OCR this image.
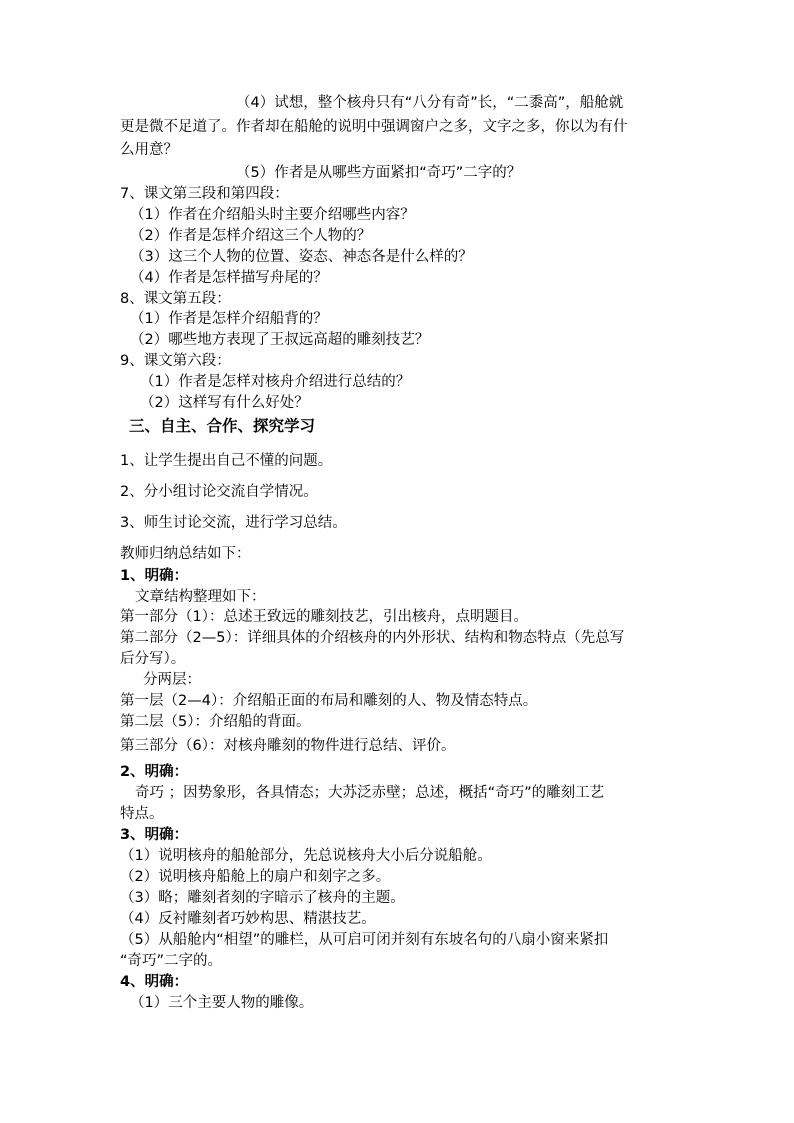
（4）试想，整个核舟只有“八分有奇”长，“二黍高”，船舱就
更是微不足道了。作者却在船舱的说明中强调窗户之多，文字之多，你以为有什
么用意？
（5）作者是从哪些方面紧扣“奇巧”二字的？
7、课文第三段和第四段：
（1）作者在介绍船头时主要介绍哪些内容？
（2）作者是怎样介绍这三个人物的？
（3）这三个人物的位置、姿态、神态各是什么样的？
（4）作者是怎样描写舟尾的？
8、课文第五段：
（1）作者是怎样介绍船背的？
（2）哪些地方表现了王叔远高超的雕刻技艺？
9、课文第六段：
（1）作者是怎样对核舟介绍进行总结的？
（2）这样写有什么好处？
三、自主、合作、探究学习
1、让学生提出自己不懂的问题。
2、分小组讨论交流自学情况。
3、师生讨论交流，进行学习总结。
教师归纳总结如下：
1、明确：
文章结构整理如下：
第一部分（1）：总述王致远的雕刻技艺，引出核舟，点明题目。
第二部分（2—5）：详细具体的介绍核舟的内外形状、结构和物态特点（先总写
后分写）。
分两层：
第一层（2—4）：介绍船正面的布局和雕刻的人、物及情态特点。
第二层（5）：介绍船的背面。
第三部分（6）：对核舟雕刻的物件进行总结、评价。
2、明确：
奇巧 ；因势象形，各具情态；大苏泛赤壁；总述，概括“奇巧”的雕刻工艺
特点。
3、明确：
（1）说明核舟的船舱部分，先总说核舟大小后分说船舱。
（2）说明核舟船舱上的扇户和刻字之多。
（3）略；雕刻者刻的字暗示了核舟的主题。
（4）反衬雕刻者巧妙构思、精湛技艺。
（5）从船舱内“相望”的雕栏，从可启可闭并刻有东坡名句的八扇小窗来紧扣
“奇巧”二字的。
4、明确：
（1）三个主要人物的雕像。
